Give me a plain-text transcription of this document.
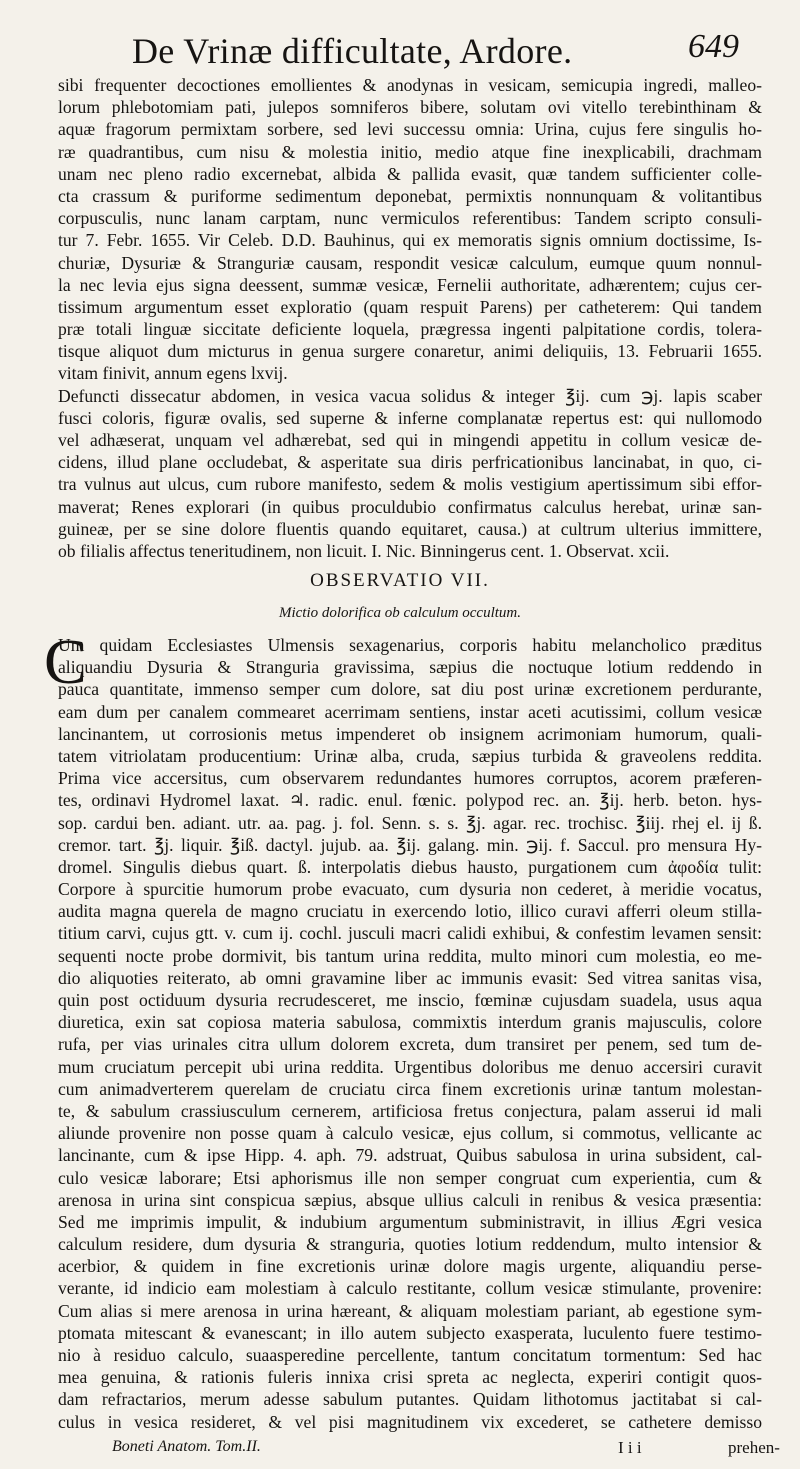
De Vrinæ difficultate, Ardore.	649
sibi frequenter decoctiones emollientes & anodynas in vesicam, semicupia ingredi, malleo-
lorum phlebotomiam pati, julepos somniferos bibere, solutam ovi vitello terebinthinam &
aquæ fragorum permixtam sorbere, sed levi successu omnia: Urina, cujus fere singulis ho-
ræ quadrantibus, cum nisu & molestia initio, medio atque fine inexplicabili, drachmam
unam nec pleno radio excernebat, albida & pallida evasit, quæ tandem sufficienter colle-
cta crassum & puriforme sedimentum deponebat, permixtis nonnunquam & volitantibus
corpusculis, nunc lanam carptam, nunc vermiculos referentibus: Tandem scripto consuli-
tur 7. Febr. 1655. Vir Celeb. D.D. Bauhinus, qui ex memoratis signis omnium doctissime, Is-
churiæ, Dysuriæ & Stranguriæ causam, respondit vesicæ calculum, eumque quum nonnul-
la nec levia ejus signa deessent, summæ vesicæ, Fernelii authoritate, adhærentem; cujus cer-
tissimum argumentum esset exploratio (quam respuit Parens) per catheterem: Qui tandem
præ totali linguæ siccitate deficiente loquela, prægressa ingenti palpitatione cordis, tolera-
tisque aliquot dum micturus in genua surgere conaretur, animi deliquiis, 13. Februarii 1655.
vitam finivit, annum egens lxvij.
Defuncti dissecatur abdomen, in vesica vacua solidus & integer ℥ij. cum ℈j. lapis scaber
fusci coloris, figuræ ovalis, sed superne & inferne complanatæ repertus est: qui nullomodo
vel adhæserat, unquam vel adhærebat, sed qui in mingendi appetitu in collum vesicæ de-
cidens, illud plane occludebat, & asperitate sua diris perfricationibus lancinabat, in quo, ci-
tra vulnus aut ulcus, cum rubore manifesto, sedem & molis vestigium apertissimum sibi effor-
maverat; Renes explorari (in quibus proculdubio confirmatus calculus herebat, urinæ san-
guineæ, per se sine dolore fluentis quando equitaret, causa.) at cultrum ulterius immittere,
ob filialis affectus teneritudinem, non licuit. I. Nic. Binningerus cent. 1. Observat. xcii.
OBSERVATIO VII.
Mictio dolorifica ob calculum occultum.
C
Um quidam Ecclesiastes Ulmensis sexagenarius, corporis habitu melancholico præditus
aliquandiu Dysuria & Stranguria gravissima, sæpius die noctuque lotium reddendo in
pauca quantitate, immenso semper cum dolore, sat diu post urinæ excretionem perdurante,
eam dum per canalem commearet acerrimam sentiens, instar aceti acutissimi, collum vesicæ
lancinantem, ut corrosionis metus impenderet ob insignem acrimoniam humorum, quali-
tatem vitriolatam producentium: Urinæ alba, cruda, sæpius turbida & graveolens reddita.
Prima vice accersitus, cum observarem redundantes humores corruptos, acorem præferen-
tes, ordinavi Hydromel laxat. ♃. radic. enul. fœnic. polypod rec. an. ℥ij. herb. beton. hys-
sop. cardui ben. adiant. utr. aa. pag. j. fol. Senn. s. s. ℥j. agar. rec. trochisc. ℥iij. rhej el. ij ß.
cremor. tart. ℥j. liquir. ℥iß. dactyl. jujub. aa. ℥ij. galang. min. ℈ij. f. Saccul. pro mensura Hy-
dromel. Singulis diebus quart. ß. interpolatis diebus hausto, purgationem cum ἀφοδία tulit:
Corpore à spurcitie humorum probe evacuato, cum dysuria non cederet, à meridie vocatus,
audita magna querela de magno cruciatu in exercendo lotio, illico curavi afferri oleum stilla-
titium carvi, cujus gtt. v. cum ij. cochl. jusculi macri calidi exhibui, & confestim levamen sensit:
sequenti nocte probe dormivit, bis tantum urina reddita, multo minori cum molestia, eo me-
dio aliquoties reiterato, ab omni gravamine liber ac immunis evasit: Sed vitrea sanitas visa,
quin post octiduum dysuria recrudesceret, me inscio, fœminæ cujusdam suadela, usus aqua
diuretica, exin sat copiosa materia sabulosa, commixtis interdum granis majusculis, colore
rufa, per vias urinales citra ullum dolorem excreta, dum transiret per penem, sed tum de-
mum cruciatum percepit ubi urina reddita. Urgentibus doloribus me denuo accersiri curavit
cum animadverterem querelam de cruciatu circa finem excretionis urinæ tantum molestan-
te, & sabulum crassiusculum cernerem, artificiosa fretus conjectura, palam asserui id mali
aliunde provenire non posse quam à calculo vesicæ, ejus collum, si commotus, vellicante ac
lancinante, cum & ipse Hipp. 4. aph. 79. adstruat, Quibus sabulosa in urina subsident, cal-
culo vesicæ laborare; Etsi aphorismus ille non semper congruat cum experientia, cum &
arenosa in urina sint conspicua sæpius, absque ullius calculi in renibus & vesica præsentia:
Sed me imprimis impulit, & indubium argumentum subministravit, in illius Ægri vesica
calculum residere, dum dysuria & stranguria, quoties lotium reddendum, multo intensior &
acerbior, & quidem in fine excretionis urinæ dolore magis urgente, aliquandiu perse-
verante, id indicio eam molestiam à calculo restitante, collum vesicæ stimulante, provenire:
Cum alias si mere arenosa in urina hæreant, & aliquam molestiam pariant, ab egestione sym-
ptomata mitescant & evanescant; in illo autem subjecto exasperata, luculento fuere testimo-
nio à residuo calculo, suaasperedine percellente, tantum concitatum tormentum: Sed hac
mea genuina, & rationis fuleris innixa crisi spreta ac neglecta, experiri contigit quos-
dam refractarios, merum adesse sabulum putantes. Quidam lithotomus jactitabat si cal-
culus in vesica resideret, & vel pisi magnitudinem vix excederet, se cathetere demisso
Boneti Anatom. Tom.II.	I i i	prehen-
